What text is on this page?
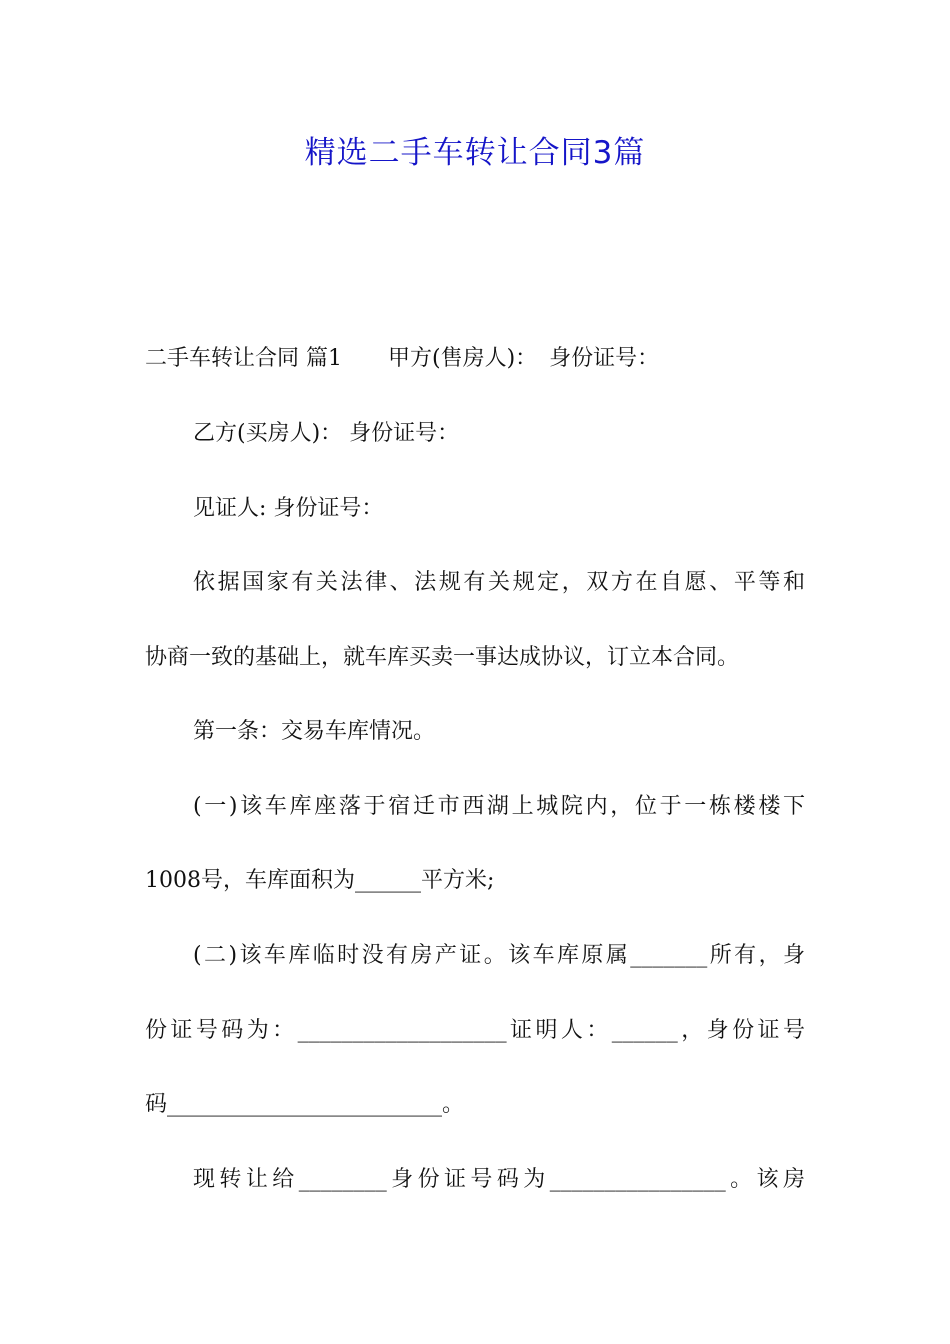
精选二手车转让合同3篇
二手车转让合同 篇1 甲方(售房人)： 身份证号：
乙方(买房人)： 身份证号：
见证人: 身份证号：
依据国家有关法律、法规有关规定，双方在自愿、平等和
协商一致的基础上，就车库买卖一事达成协议，订立本合同。
第一条：交易车库情况。
(一)该车库座落于宿迁市西湖上城院内，位于一栋楼楼下
1008号，车库面积为______平方米;
(二)该车库临时没有房产证。该车库原属_______所有，身
份证号码为：___________________证明人：______，身份证号
码_________________________。
现转让给________身份证号码为________________。该房
